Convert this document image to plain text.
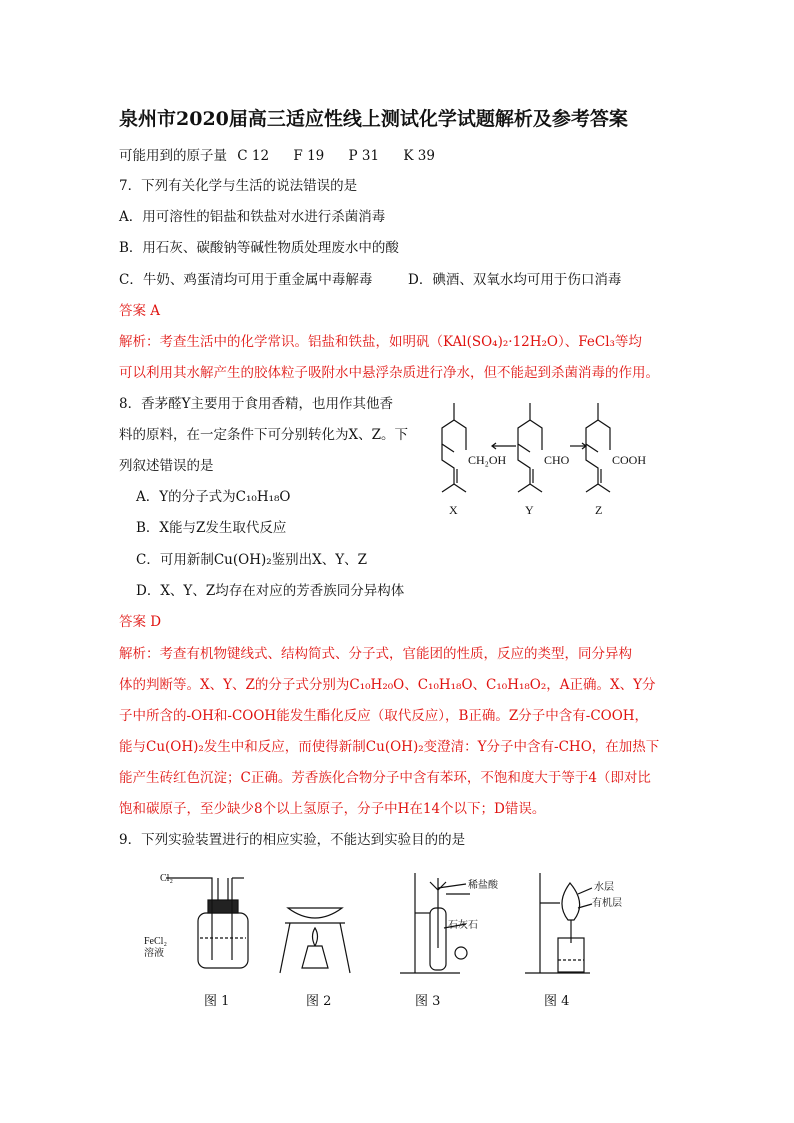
泉州市2020届高三适应性线上测试化学试题解析及参考答案
可能用到的原子量 C 12 F 19 P 31 K 39
7．下列有关化学与生活的说法错误的是
A．用可溶性的铝盐和铁盐对水进行杀菌消毒
B．用石灰、碳酸钠等碱性物质处理废水中的酸
C．牛奶、鸡蛋清均可用于重金属中毒解毒	D．碘酒、双氧水均可用于伤口消毒
答案 A
解析：考查生活中的化学常识。铝盐和铁盐，如明矾（KAl(SO₄)₂·12H₂O）、FeCl₃等均
可以利用其水解产生的胶体粒子吸附水中悬浮杂质进行净水，但不能起到杀菌消毒的作用。
8．香茅醛Y主要用于食用香精，也用作其他香
料的原料，在一定条件下可分别转化为X、Z。下
列叙述错误的是
A．Y的分子式为C₁₀H₁₈O
B．X能与Z发生取代反应
C．可用新制Cu(OH)₂鉴别出X、Y、Z
D．X、Y、Z均存在对应的芳香族同分异构体
答案 D
解析：考查有机物键线式、结构简式、分子式，官能团的性质，反应的类型，同分异构
体的判断等。X、Y、Z的分子式分别为C₁₀H₂₀O、C₁₀H₁₈O、C₁₀H₁₈O₂，A正确。X、Y分
子中所含的-OH和-COOH能发生酯化反应（取代反应），B正确。Z分子中含有-COOH，
能与Cu(OH)₂发生中和反应，而使得新制Cu(OH)₂变澄清：Y分子中含有-CHO，在加热下
能产生砖红色沉淀；C正确。芳香族化合物分子中含有苯环，不饱和度大于等于4（即对比
饱和碳原子，至少缺少8个以上氢原子，分子中H在14个以下；D错误。
CH₂OH	CHO	COOH
X	Y	Z
9．下列实验装置进行的相应实验，不能达到实验目的的是
Cl₂
FeCl₂
溶液
稀盐酸
石灰石
水层
有机层
图 1	图 2	图 3	图 4
